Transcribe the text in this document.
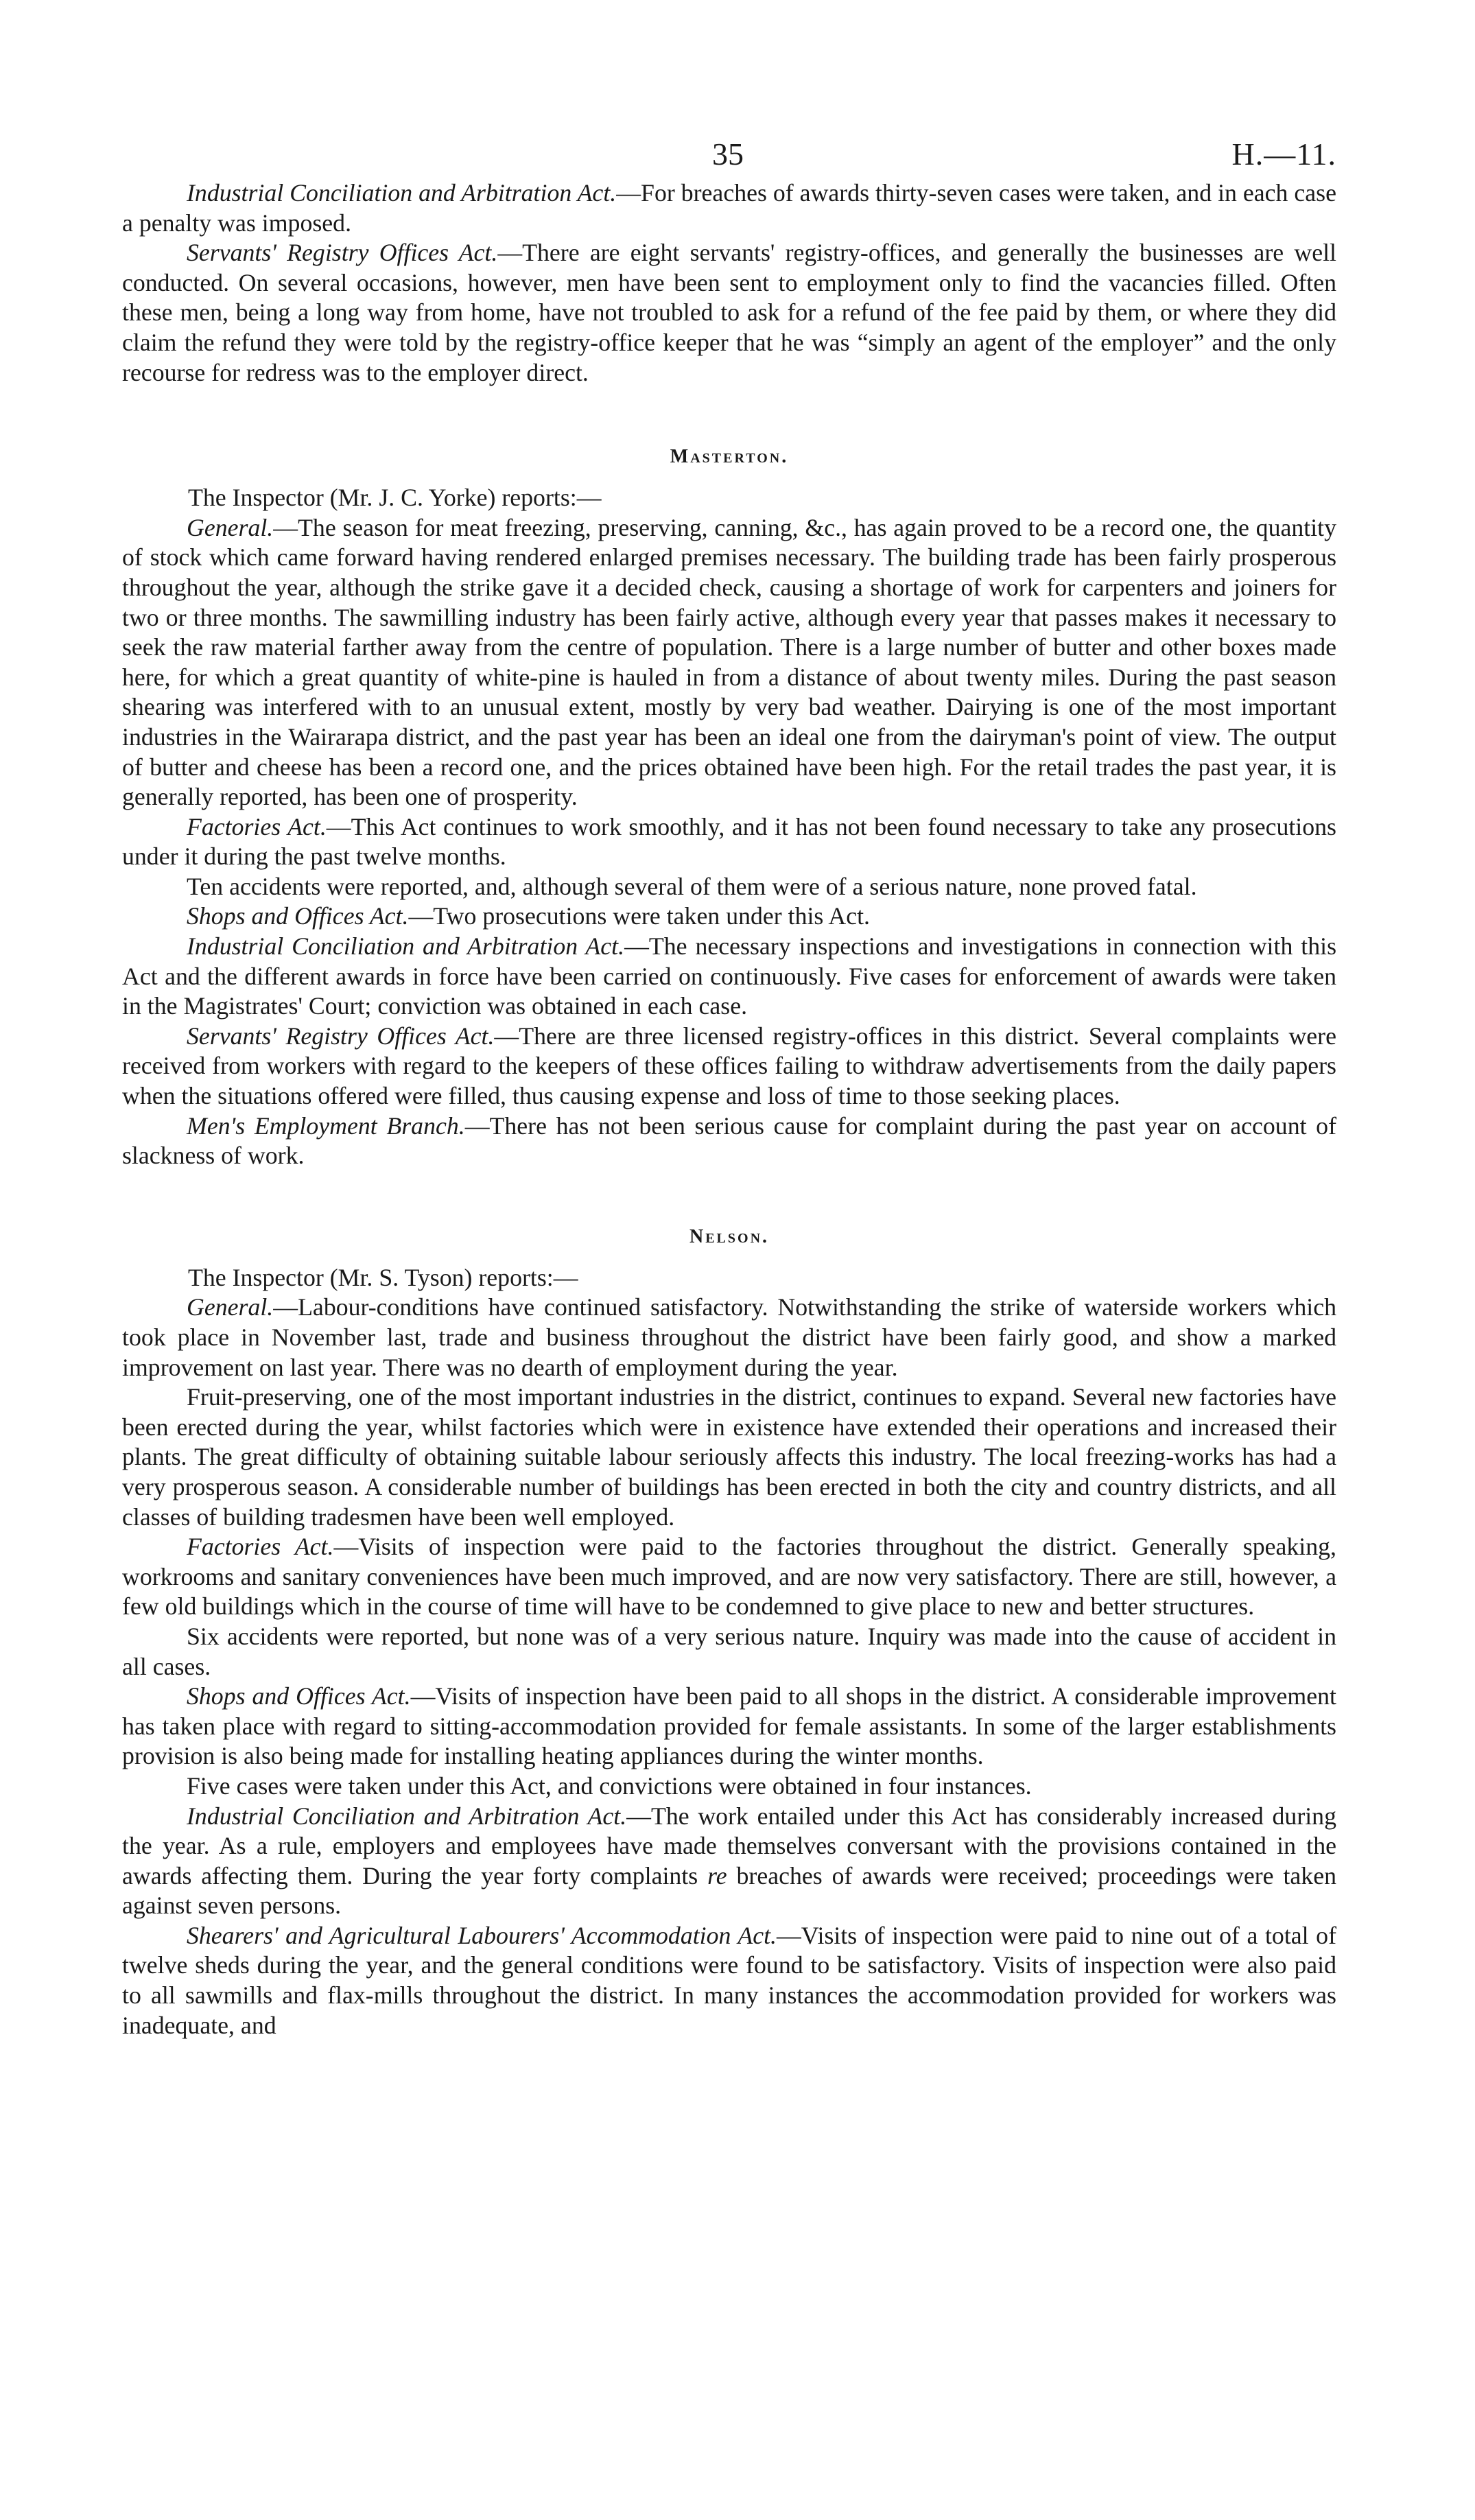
35	H.—11.

Industrial Conciliation and Arbitration Act.—For breaches of awards thirty-seven cases were taken, and in each case a penalty was imposed.

Servants' Registry Offices Act.—There are eight servants' registry-offices, and generally the businesses are well conducted. On several occasions, however, men have been sent to employment only to find the vacancies filled. Often these men, being a long way from home, have not troubled to ask for a refund of the fee paid by them, or where they did claim the refund they were told by the registry-office keeper that he was “simply an agent of the employer” and the only recourse for redress was to the employer direct.

Masterton.

The Inspector (Mr. J. C. Yorke) reports:—

General.—The season for meat freezing, preserving, canning, &c., has again proved to be a record one, the quantity of stock which came forward having rendered enlarged premises necessary. The building trade has been fairly prosperous throughout the year, although the strike gave it a decided check, causing a shortage of work for carpenters and joiners for two or three months. The sawmilling industry has been fairly active, although every year that passes makes it necessary to seek the raw material farther away from the centre of population. There is a large number of butter and other boxes made here, for which a great quantity of white-pine is hauled in from a distance of about twenty miles. During the past season shearing was interfered with to an unusual extent, mostly by very bad weather. Dairying is one of the most important industries in the Wairarapa district, and the past year has been an ideal one from the dairyman's point of view. The output of butter and cheese has been a record one, and the prices obtained have been high. For the retail trades the past year, it is generally reported, has been one of prosperity.

Factories Act.—This Act continues to work smoothly, and it has not been found necessary to take any prosecutions under it during the past twelve months.

Ten accidents were reported, and, although several of them were of a serious nature, none proved fatal.

Shops and Offices Act.—Two prosecutions were taken under this Act.

Industrial Conciliation and Arbitration Act.—The necessary inspections and investigations in connection with this Act and the different awards in force have been carried on continuously. Five cases for enforcement of awards were taken in the Magistrates' Court; conviction was obtained in each case.

Servants' Registry Offices Act.—There are three licensed registry-offices in this district. Several complaints were received from workers with regard to the keepers of these offices failing to withdraw advertisements from the daily papers when the situations offered were filled, thus causing expense and loss of time to those seeking places.

Men's Employment Branch.—There has not been serious cause for complaint during the past year on account of slackness of work.

Nelson.

The Inspector (Mr. S. Tyson) reports:—

General.—Labour-conditions have continued satisfactory. Notwithstanding the strike of waterside workers which took place in November last, trade and business throughout the district have been fairly good, and show a marked improvement on last year. There was no dearth of employment during the year.

Fruit-preserving, one of the most important industries in the district, continues to expand. Several new factories have been erected during the year, whilst factories which were in existence have extended their operations and increased their plants. The great difficulty of obtaining suitable labour seriously affects this industry. The local freezing-works has had a very prosperous season. A considerable number of buildings has been erected in both the city and country districts, and all classes of building tradesmen have been well employed.

Factories Act.—Visits of inspection were paid to the factories throughout the district. Generally speaking, workrooms and sanitary conveniences have been much improved, and are now very satisfactory. There are still, however, a few old buildings which in the course of time will have to be condemned to give place to new and better structures.

Six accidents were reported, but none was of a very serious nature. Inquiry was made into the cause of accident in all cases.

Shops and Offices Act.—Visits of inspection have been paid to all shops in the district. A considerable improvement has taken place with regard to sitting-accommodation provided for female assistants. In some of the larger establishments provision is also being made for installing heating appliances during the winter months.

Five cases were taken under this Act, and convictions were obtained in four instances.

Industrial Conciliation and Arbitration Act.—The work entailed under this Act has considerably increased during the year. As a rule, employers and employees have made themselves conversant with the provisions contained in the awards affecting them. During the year forty complaints re breaches of awards were received; proceedings were taken against seven persons.

Shearers' and Agricultural Labourers' Accommodation Act.—Visits of inspection were paid to nine out of a total of twelve sheds during the year, and the general conditions were found to be satisfactory. Visits of inspection were also paid to all sawmills and flax-mills throughout the district. In many instances the accommodation provided for workers was inadequate, and
